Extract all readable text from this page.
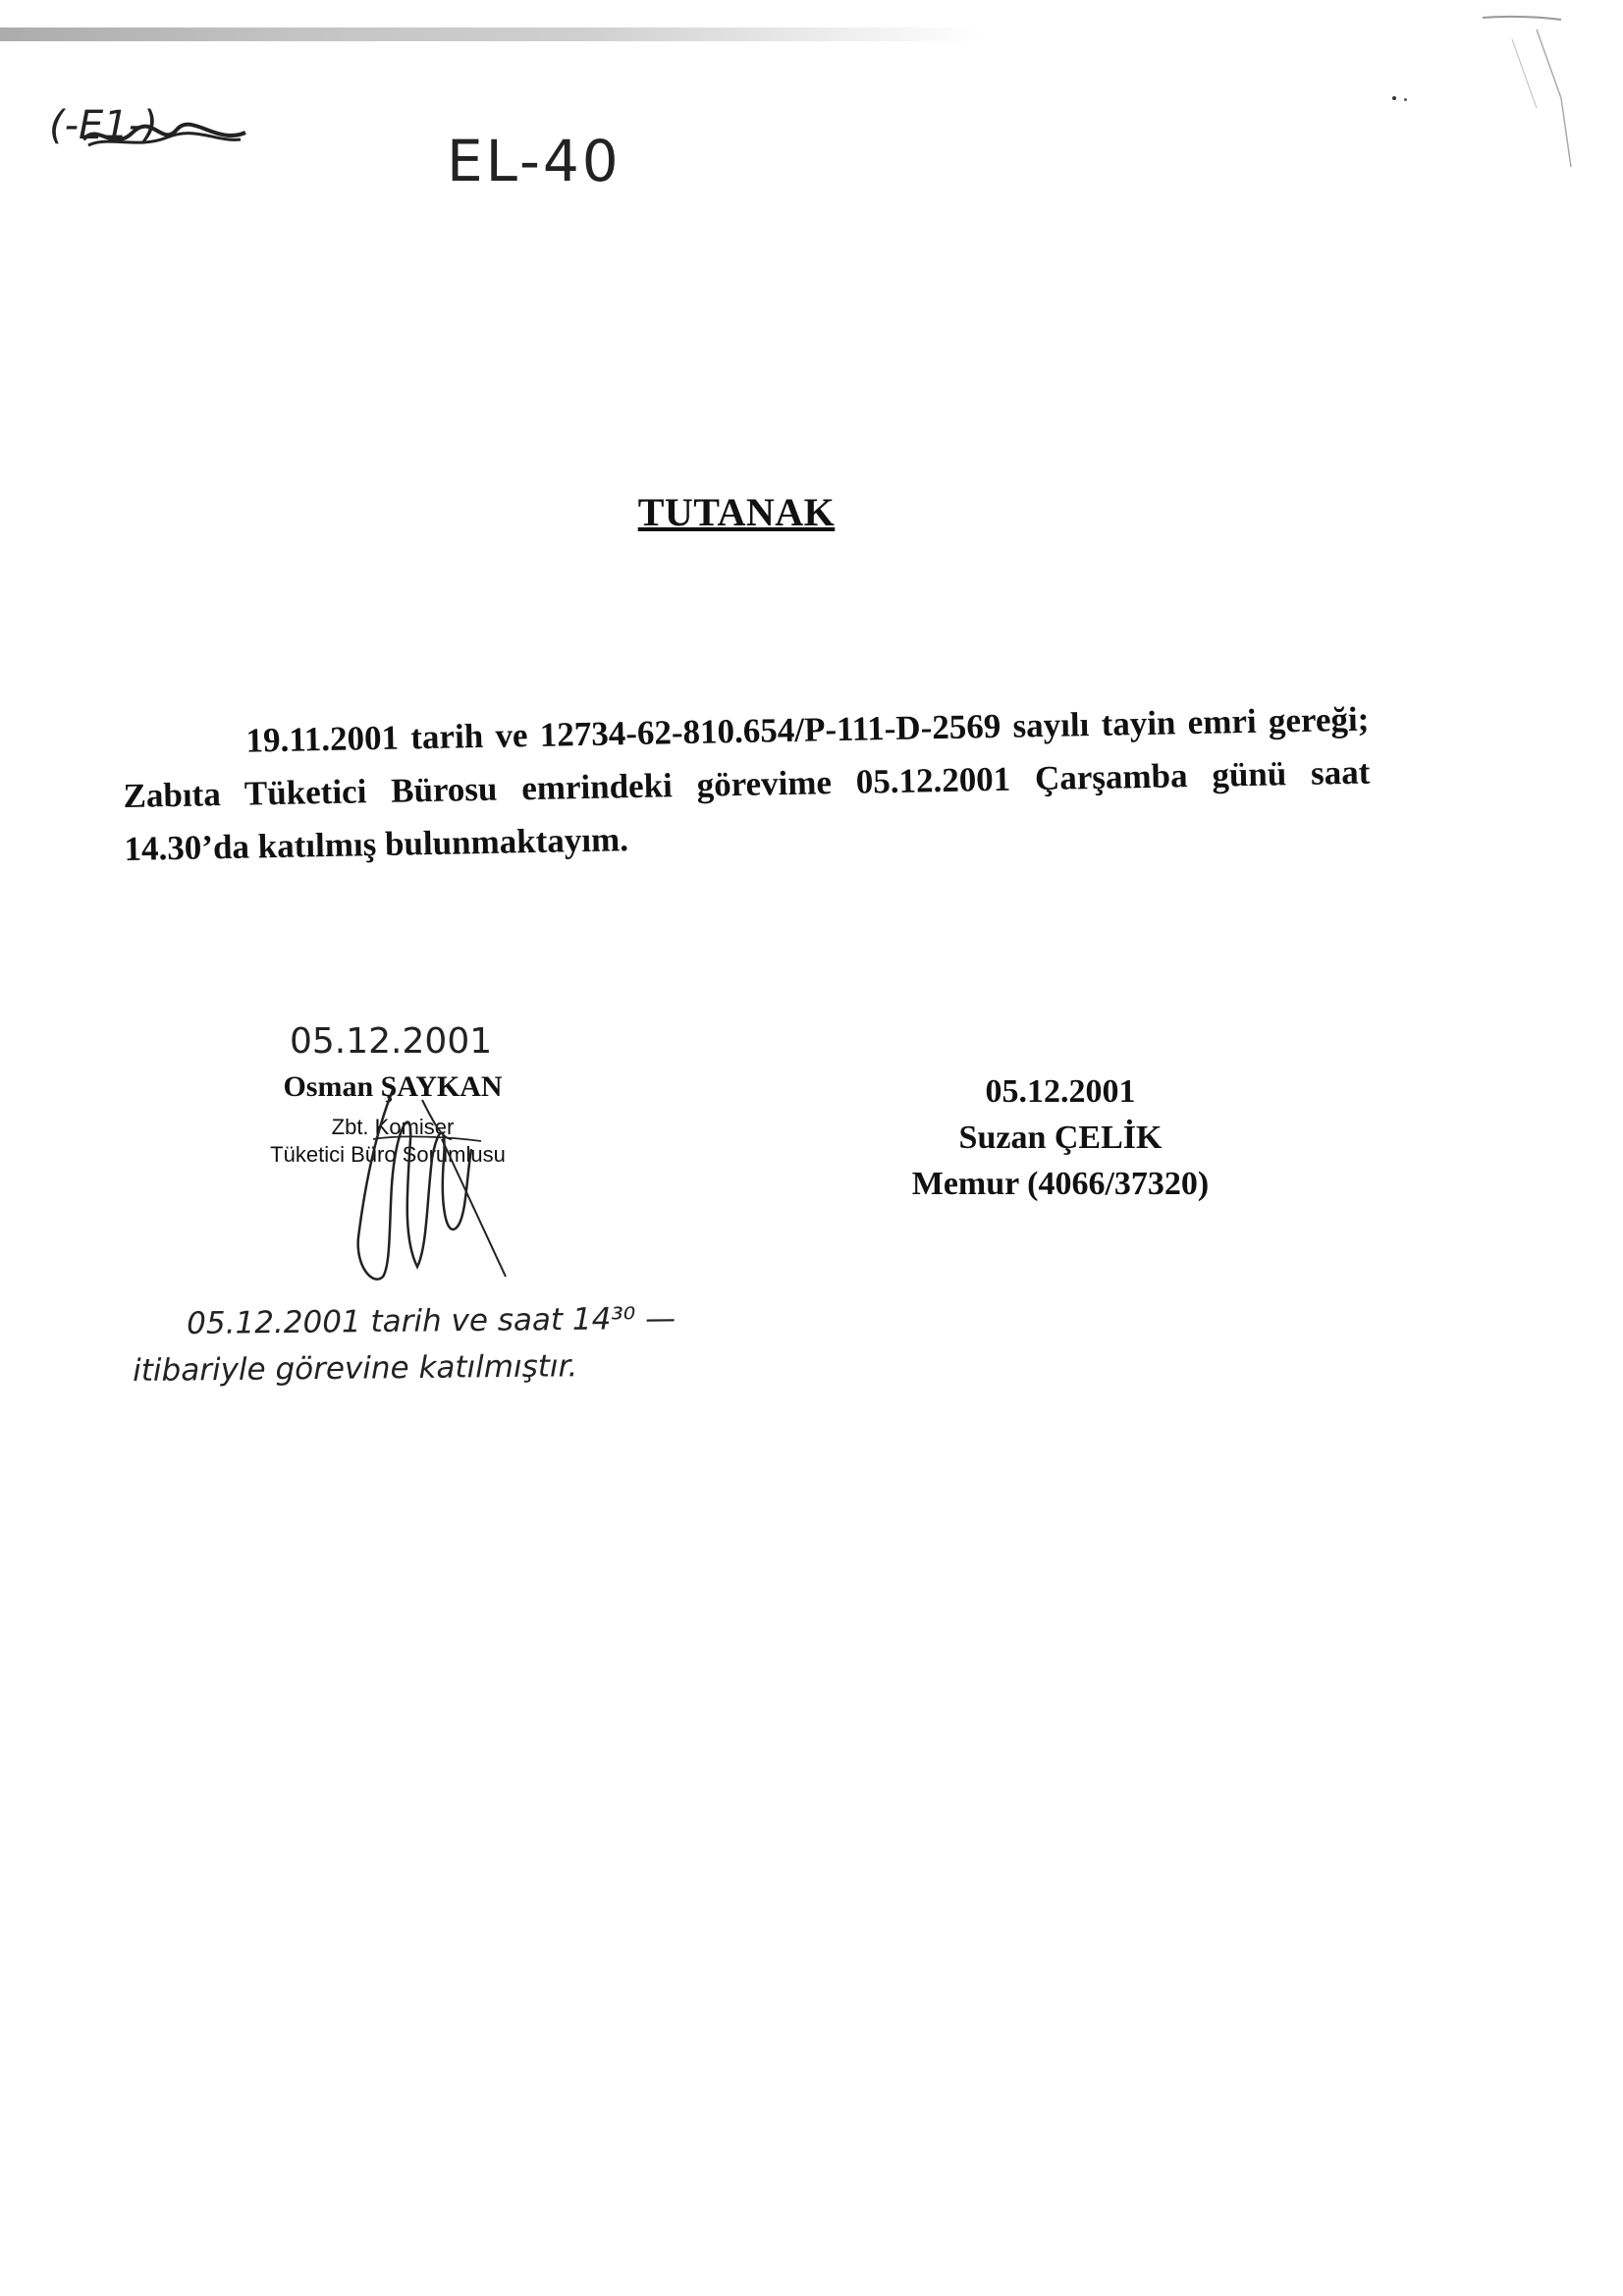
(-E1-)
EL-40
TUTANAK
19.11.2001 tarih ve 12734-62-810.654/P-111-D-2569 sayılı tayin emri gereği; Zabıta Tüketici Bürosu emrindeki görevime 05.12.2001 Çarşamba günü saat 14.30’da katılmış bulunmaktayım.
05.12.2001
Osman ŞAYKAN
Zbt. Komiser
Tüketici Büro Sorumlusu
05.12.2001
Suzan ÇELİK
Memur (4066/37320)
05.12.2001 tarih ve saat 14³⁰ —
itibariyle görevine katılmıştır.
